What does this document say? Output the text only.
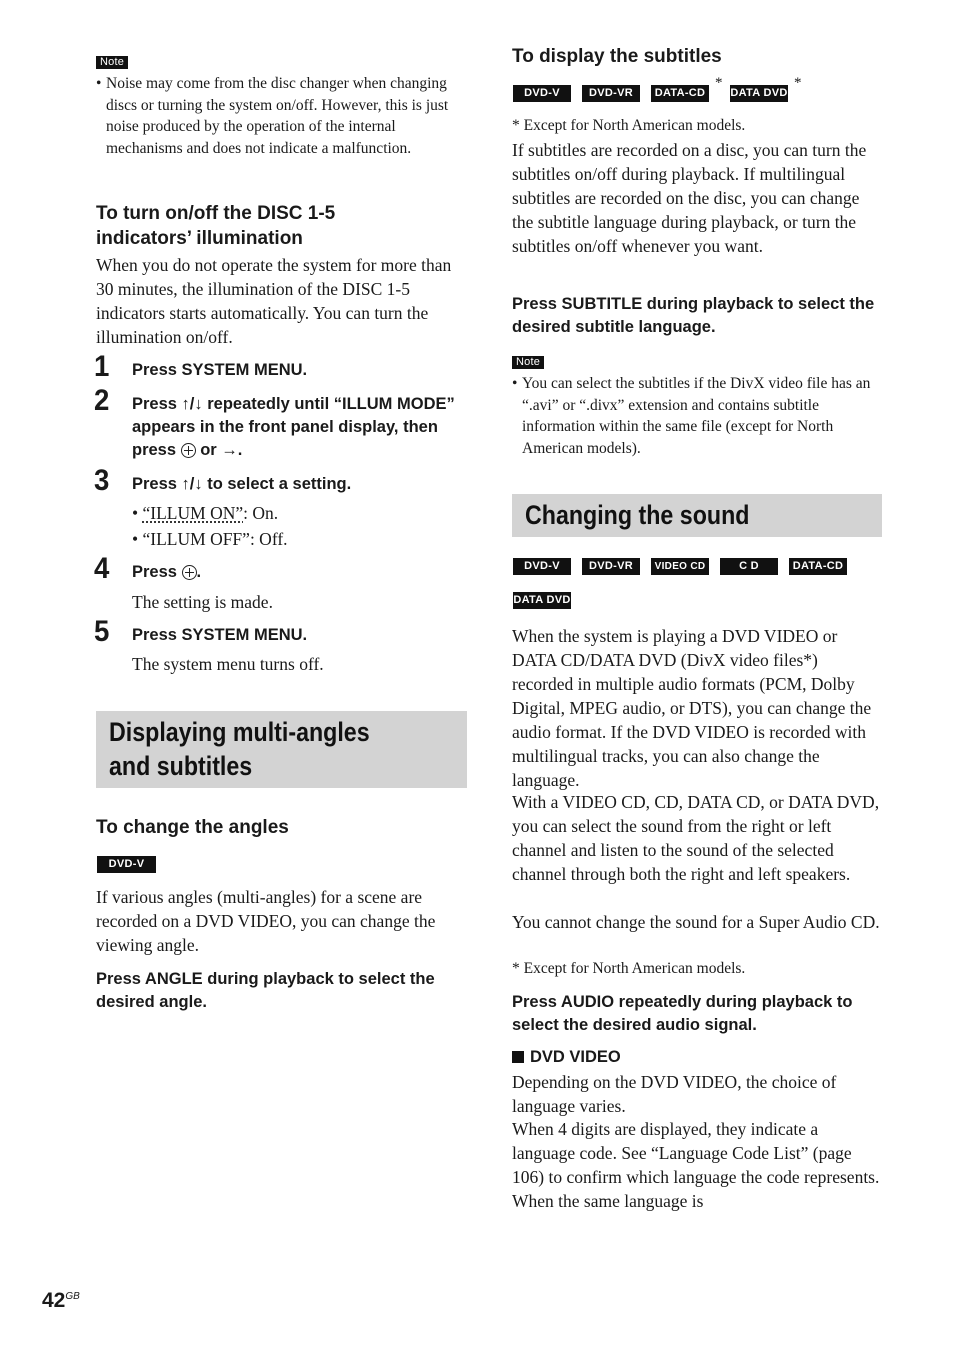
Note
• Noise may come from the disc changer when changing discs or turning the system on/off. However, this is just noise produced by the operation of the internal mechanisms and does not indicate a malfunction.
To turn on/off the DISC 1-5 indicators’ illumination
When you do not operate the system for more than 30 minutes, the illumination of the DISC 1-5 indicators starts automatically. You can turn the illumination on/off.
1 Press SYSTEM MENU.
2 Press ↑/↓ repeatedly until “ILLUM MODE” appears in the front panel display, then press  or →.
3 Press ↑/↓ to select a setting.
• “ILLUM ON”: On.
• “ILLUM OFF”: Off.
4 Press .
The setting is made.
5 Press SYSTEM MENU.
The system menu turns off.
Displaying multi-angles and subtitles
To change the angles
DVD-V
If various angles (multi-angles) for a scene are recorded on a DVD VIDEO, you can change the viewing angle.
Press ANGLE during playback to select the desired angle.
To display the subtitles
DVD-V	DVD-VR	DATA-CD
*
DATA DVD
*
* Except for North American models.
If subtitles are recorded on a disc, you can turn the subtitles on/off during playback. If multilingual subtitles are recorded on the disc, you can change the subtitle language during playback, or turn the subtitles on/off whenever you want.
Press SUBTITLE during playback to select the desired subtitle language.
Note
• You can select the subtitles if the DivX video file has an “.avi” or “.divx” extension and contains subtitle information within the same file (except for North American models).
Changing the sound
DVD-V	DVD-VR	VIDEO CD	C D	DATA-CD
DATA DVD
When the system is playing a DVD VIDEO or DATA CD/DATA DVD (DivX video files*) recorded in multiple audio formats (PCM, Dolby Digital, MPEG audio, or DTS), you can change the audio format. If the DVD VIDEO is recorded with multilingual tracks, you can also change the language.
With a VIDEO CD, CD, DATA CD, or DATA DVD, you can select the sound from the right or left channel and listen to the sound of the selected channel through both the right and left speakers.
You cannot change the sound for a Super Audio CD.
* Except for North American models.
Press AUDIO repeatedly during playback to select the desired audio signal.
DVD VIDEO
Depending on the DVD VIDEO, the choice of language varies.
When 4 digits are displayed, they indicate a language code. See “Language Code List” (page 106) to confirm which language the code represents. When the same language is
$42^{GB}$
